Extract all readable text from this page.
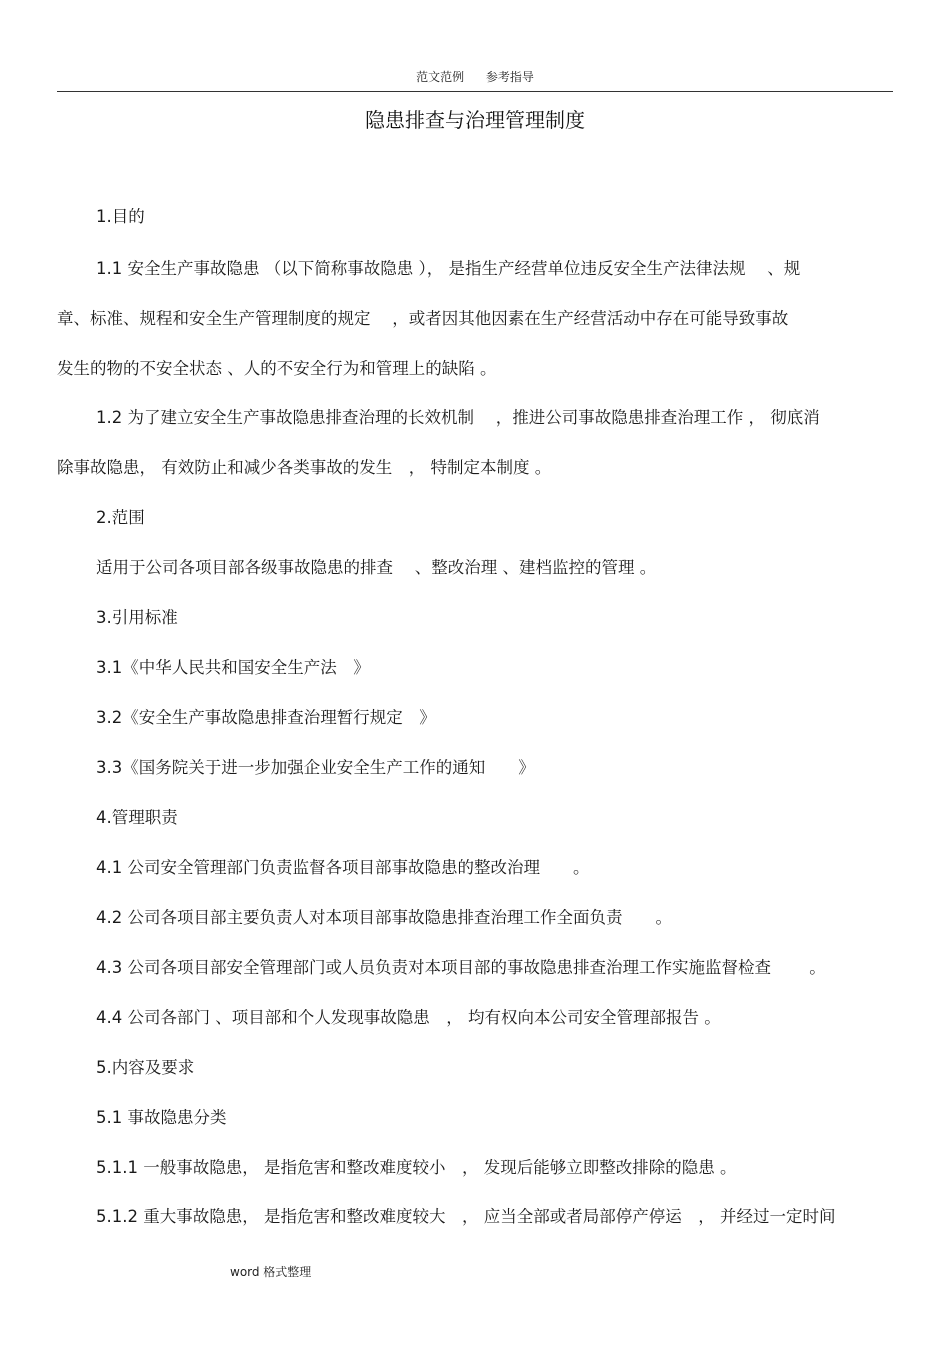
范文范例 参考指导
隐患排查与治理管理制度
1.目的
1.1 安全生产事故隐患 （以下简称事故隐患 ）， 是指生产经营单位违反安全生产法律法规　 、规
章、标准、规程和安全生产管理制度的规定　 ，或者因其他因素在生产经营活动中存在可能导致事故
发生的物的不安全状态 、人的不安全行为和管理上的缺陷 。
1.2 为了建立安全生产事故隐患排查治理的长效机制　 ，推进公司事故隐患排查治理工作 ， 彻底消
除事故隐患， 有效防止和减少各类事故的发生　， 特制定本制度 。
2.范围
适用于公司各项目部各级事故隐患的排查　 、整改治理 、建档监控的管理 。
3.引用标准
3.1《中华人民共和国安全生产法　》
3.2《安全生产事故隐患排查治理暂行规定　》
3.3《国务院关于进一步加强企业安全生产工作的通知　　》
4.管理职责
4.1 公司安全管理部门负责监督各项目部事故隐患的整改治理　　。
4.2 公司各项目部主要负责人对本项目部事故隐患排查治理工作全面负责　　。
4.3 公司各项目部安全管理部门或人员负责对本项目部的事故隐患排查治理工作实施监督检查　　 。
4.4 公司各部门 、项目部和个人发现事故隐患　， 均有权向本公司安全管理部报告 。
5.内容及要求
5.1 事故隐患分类
5.1.1 一般事故隐患， 是指危害和整改难度较小　， 发现后能够立即整改排除的隐患 。
5.1.2 重大事故隐患， 是指危害和整改难度较大　， 应当全部或者局部停产停运　， 并经过一定时间
word 格式整理
